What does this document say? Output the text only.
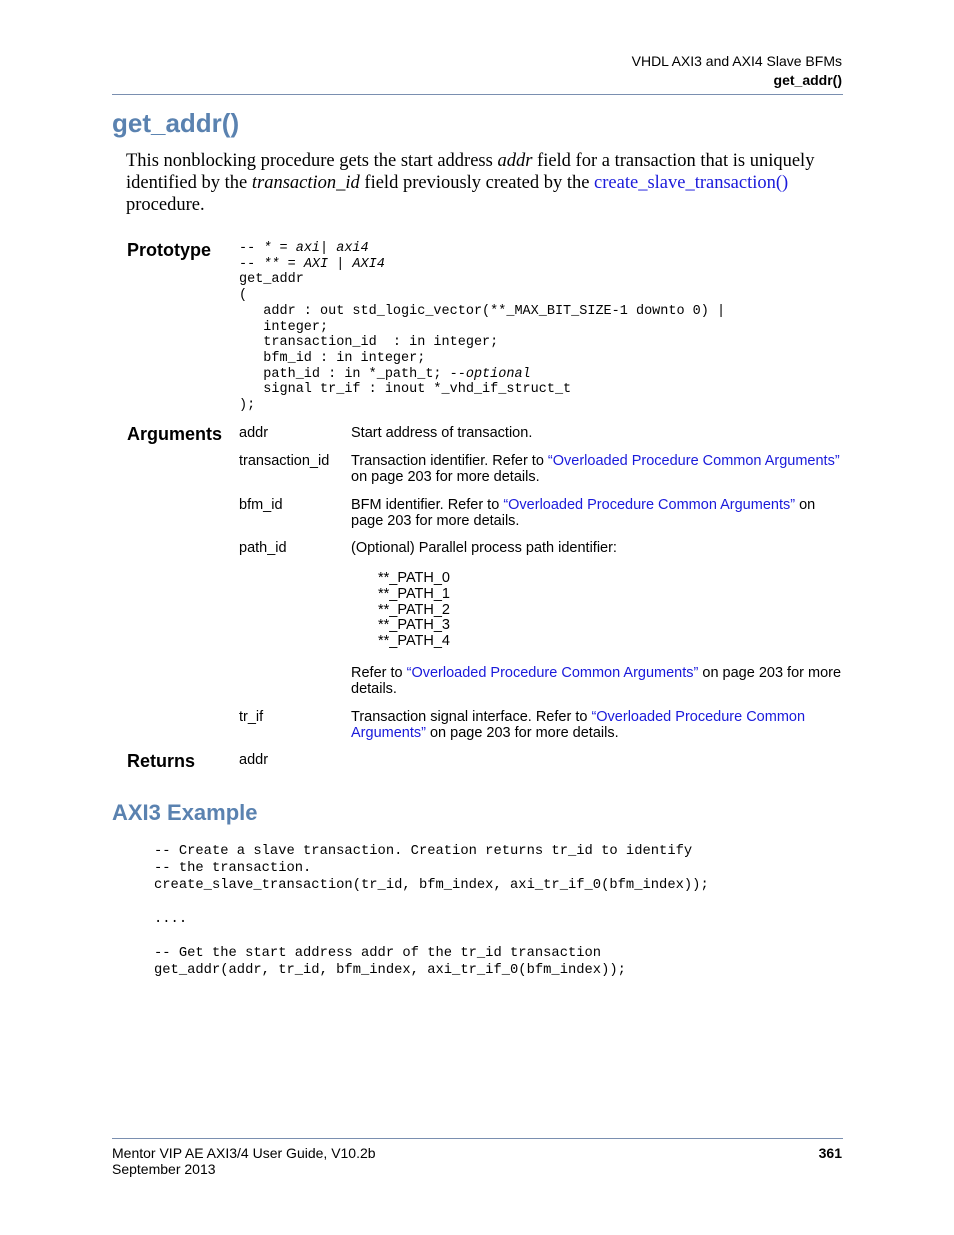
VHDL AXI3 and AXI4 Slave BFMs
get_addr()
get_addr()
This nonblocking procedure gets the start address addr field for a transaction that is uniquely identified by the transaction_id field previously created by the create_slave_transaction() procedure.
Prototype -- * = axi| axi4
-- ** = AXI | AXI4
get_addr
(
addr : out std_logic_vector(**_MAX_BIT_SIZE-1 downto 0) |
integer;
transaction_id  : in integer;
bfm_id : in integer;
path_id : in *_path_t; --optional
signal tr_if : inout *_vhd_if_struct_t
);
Arguments addr	Start address of transaction.
transaction_id Transaction identifier. Refer to “Overloaded Procedure Common Arguments” on page 203 for more details.
bfm_id	BFM identifier. Refer to “Overloaded Procedure Common Arguments” on page 203 for more details.
path_id	(Optional) Parallel process path identifier:
**_PATH_0
**_PATH_1
**_PATH_2
**_PATH_3
**_PATH_4
Refer to “Overloaded Procedure Common Arguments” on page 203 for more details.
tr_if	Transaction signal interface. Refer to “Overloaded Procedure Common Arguments” on page 203 for more details.
Returns	addr
AXI3 Example
-- Create a slave transaction. Creation returns tr_id to identify
-- the transaction.
create_slave_transaction(tr_id, bfm_index, axi_tr_if_0(bfm_index));

....

-- Get the start address addr of the tr_id transaction
get_addr(addr, tr_id, bfm_index, axi_tr_if_0(bfm_index));
Mentor VIP AE AXI3/4 User Guide, V10.2b
September 2013
361
